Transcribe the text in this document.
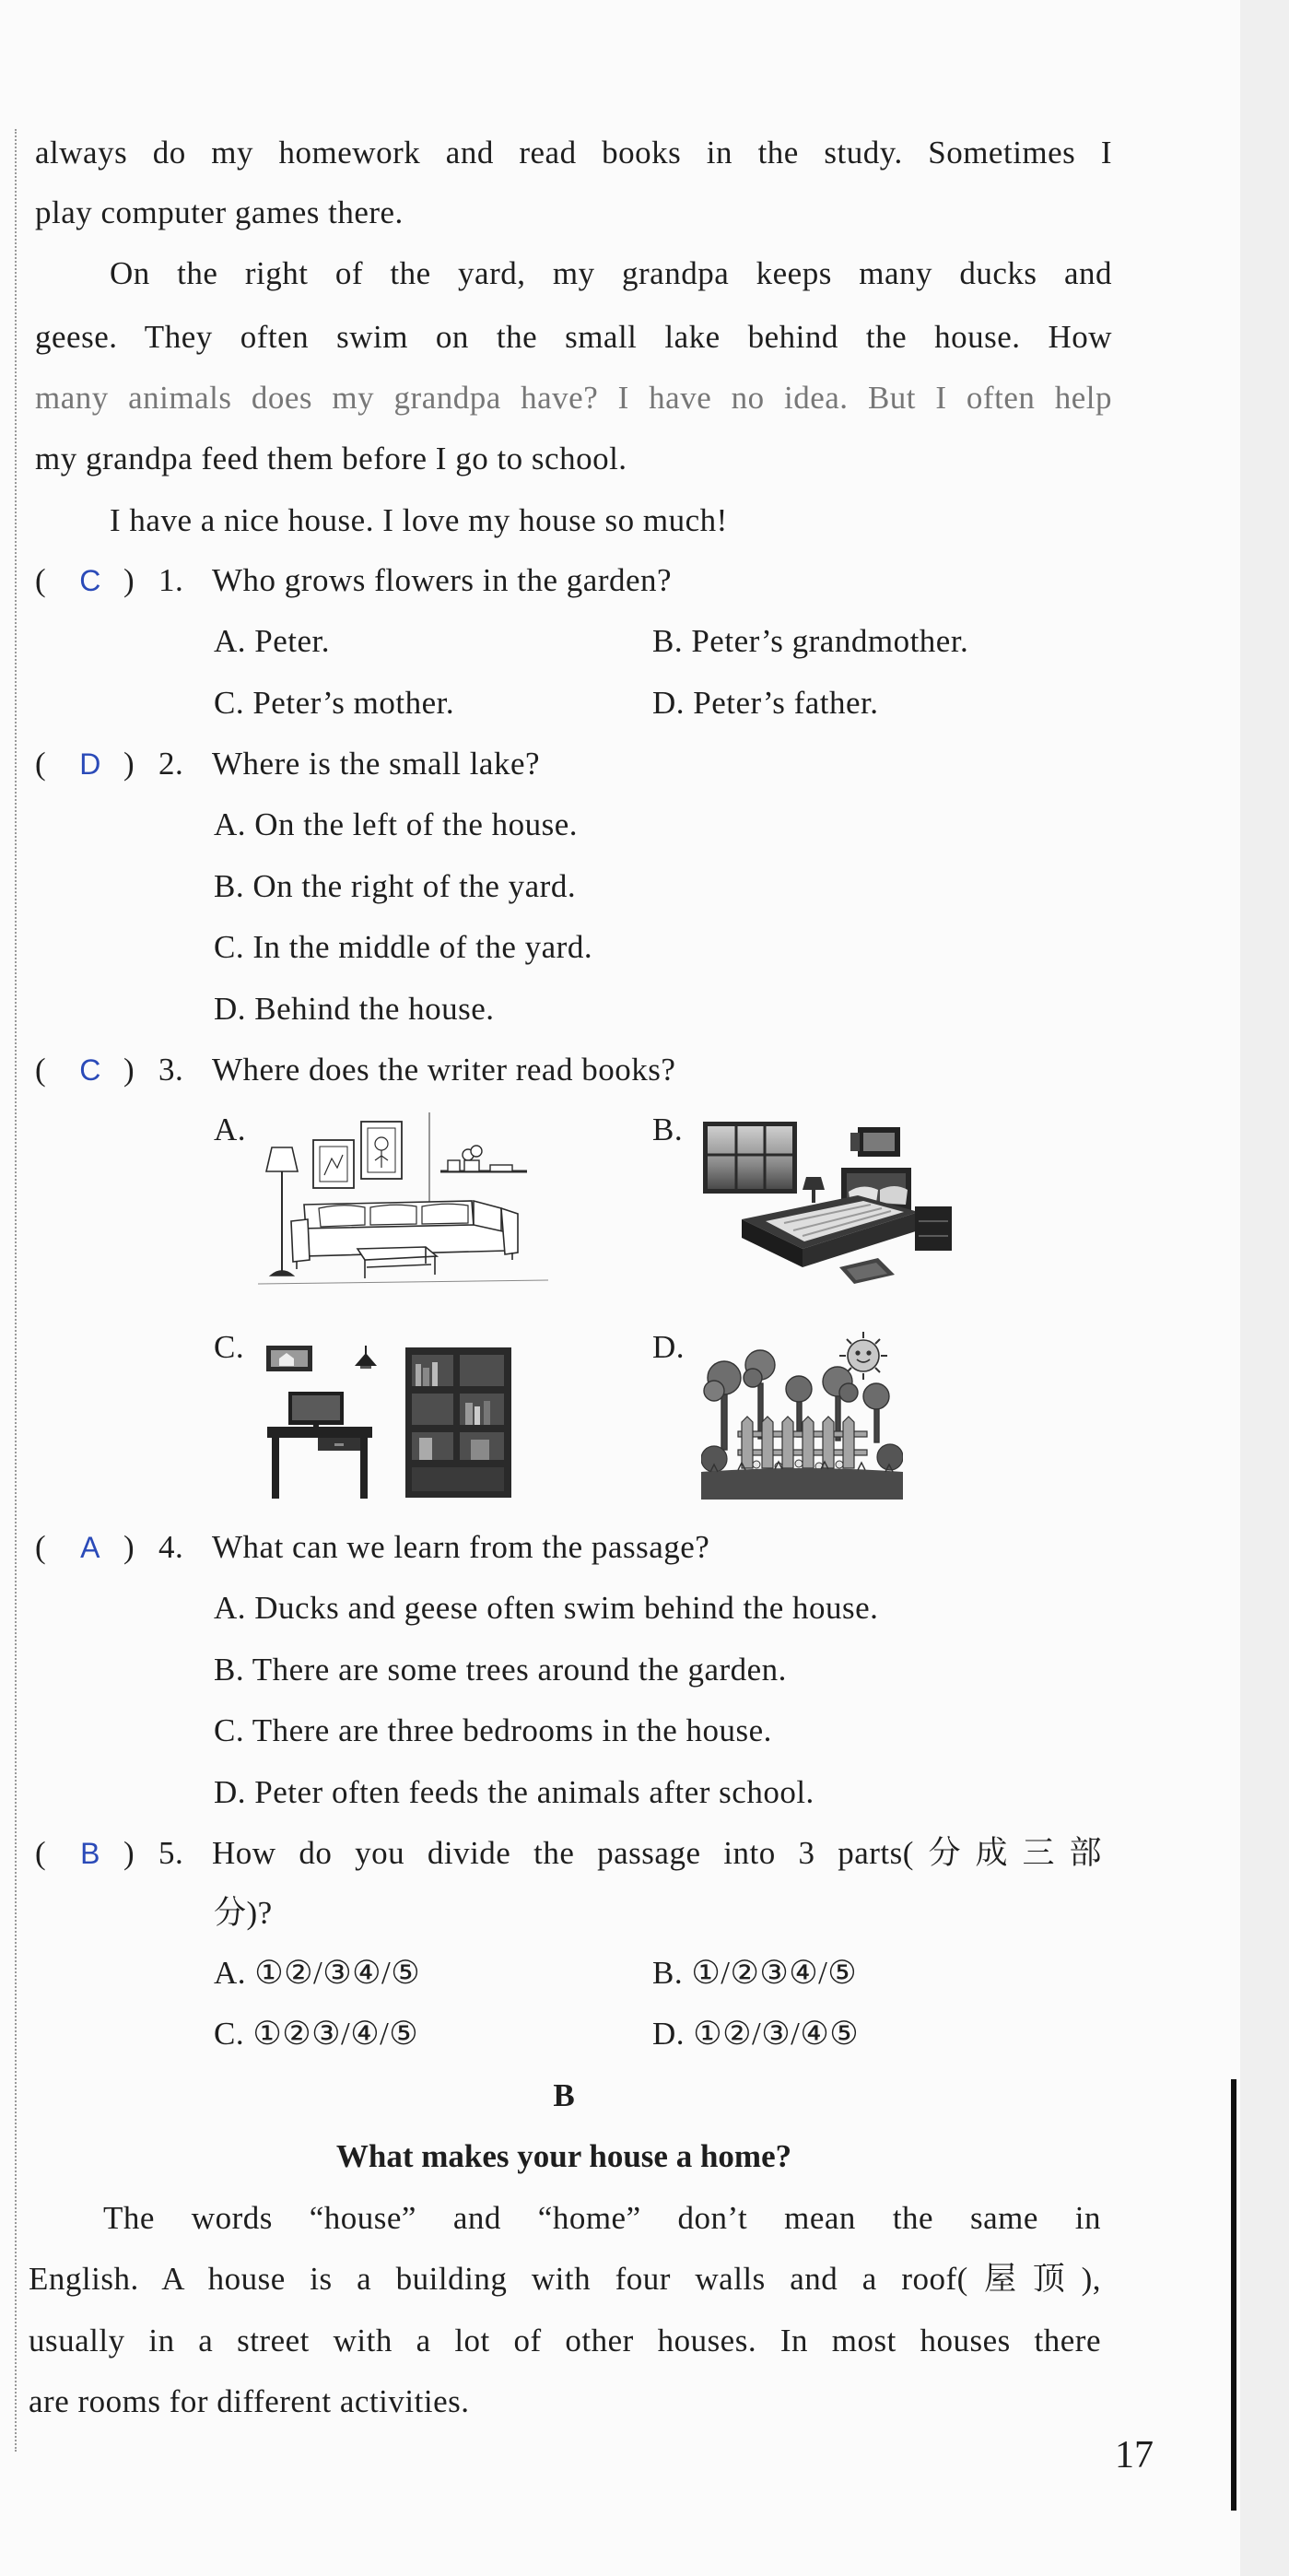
always do my homework and read books in the study. Sometimes I
play computer games there.
On the right of the yard, my grandpa keeps many ducks and
geese. They often swim on the small lake behind the house. How
many animals does my grandpa have? I have no idea. But I often help
my grandpa feed them before I go to school.
I have a nice house. I love my house so much!
(	C ) 1. Who grows flowers in the garden?
A. Peter.	B. Peter’s grandmother.
C. Peter’s mother.	D. Peter’s father.
(	D ) 2. Where is the small lake?
A. On the left of the house.
B. On the right of the yard.
C. In the middle of the yard.
D. Behind the house.
(	C ) 3. Where does the writer read books?
A.	B.
C.	D.
(	A ) 4. What can we learn from the passage?
A. Ducks and geese often swim behind the house.
B. There are some trees around the garden.
C. There are three bedrooms in the house.
D. Peter often feeds the animals after school.
(	B ) 5. How do you divide the passage into 3 parts(分成三部
分)?
A. ①②/③④/⑤	B. ①/②③④/⑤
C. ①②③/④/⑤	D. ①②/③/④⑤
B
What makes your house a home?
The words “house” and “home” don’t mean the same in
English. A house is a building with four walls and a roof(屋顶),
usually in a street with a lot of other houses. In most houses there
are rooms for different activities.
17
